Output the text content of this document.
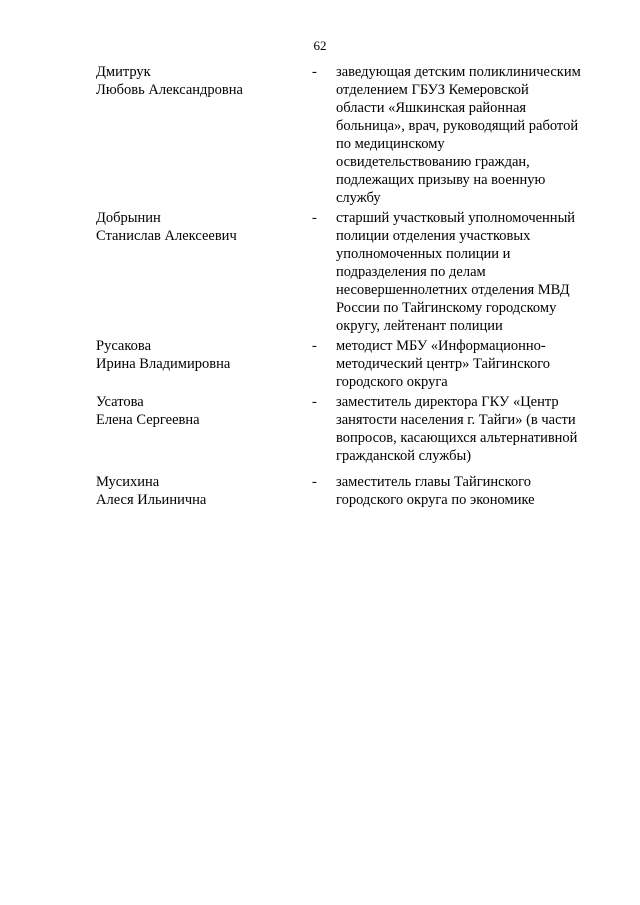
62
Дмитрук
Любовь Александровна
-	заведующая детским поликлиническим
отделением ГБУЗ Кемеровской
области «Яшкинская районная
больница», врач, руководящий работой
по медицинскому
освидетельствованию граждан,
подлежащих призыву на военную
службу
Добрынин
Станислав Алексеевич
-	старший участковый уполномоченный
полиции отделения участковых
уполномоченных полиции и
подразделения по делам
несовершеннолетних отделения МВД
России по Тайгинскому городскому
округу, лейтенант полиции
Русакова
Ирина Владимировна
-	методист МБУ «Информационно-
методический центр» Тайгинского
городского округа
Усатова
Елена Сергеевна
-	заместитель директора ГКУ «Центр
занятости населения г. Тайги» (в части
вопросов, касающихся альтернативной
гражданской службы)
Мусихина
Алеся Ильинична
-	заместитель главы Тайгинского
городского округа по экономике
